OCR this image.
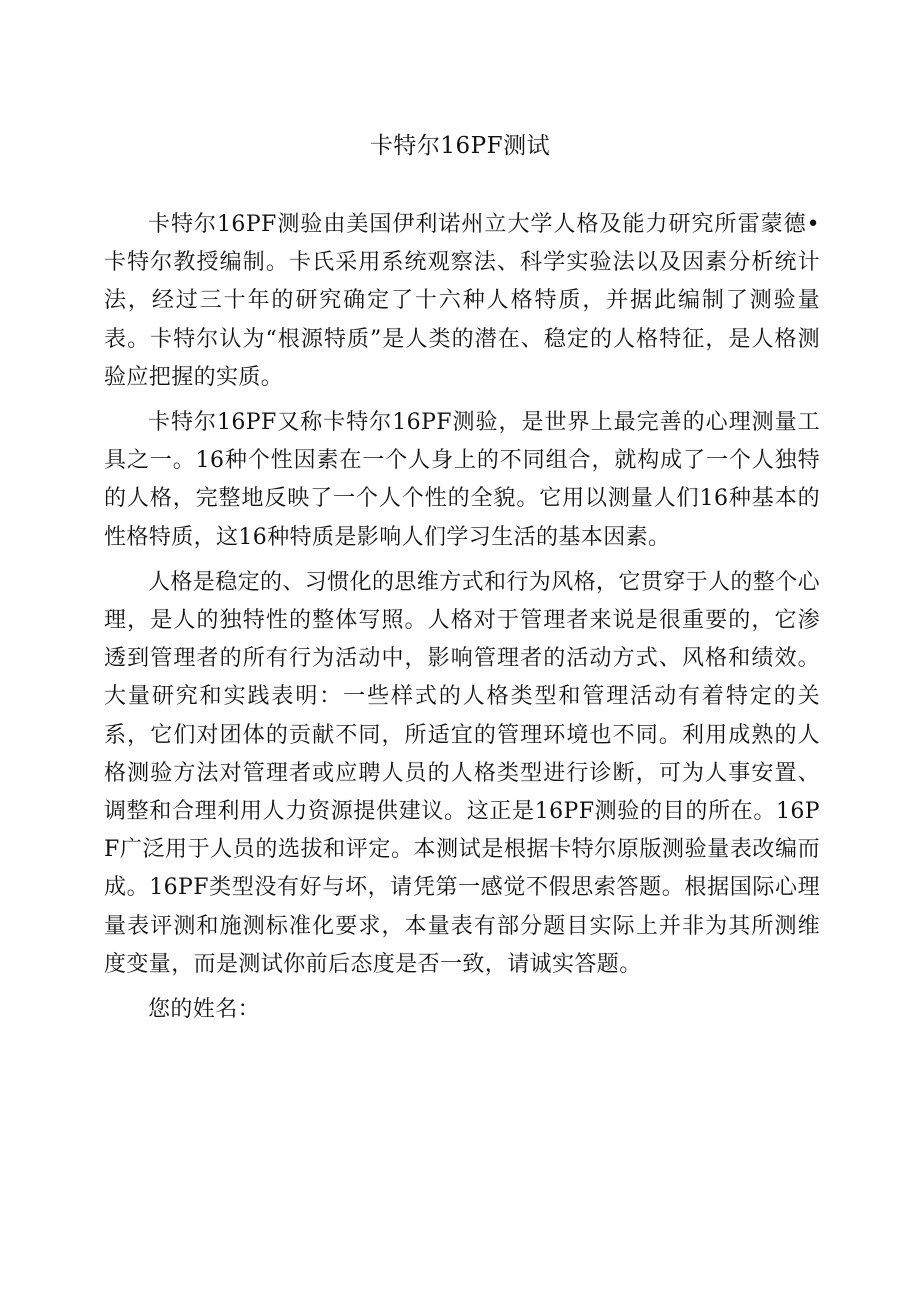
卡特尔16PF测试

卡特尔16PF测验由美国伊利诺州立大学人格及能力研究所雷蒙德•卡特尔教授编制。卡氏采用系统观察法、科学实验法以及因素分析统计法，经过三十年的研究确定了十六种人格特质，并据此编制了测验量表。卡特尔认为“根源特质”是人类的潜在、稳定的人格特征，是人格测验应把握的实质。

卡特尔16PF又称卡特尔16PF测验，是世界上最完善的心理测量工具之一。16种个性因素在一个人身上的不同组合，就构成了一个人独特的人格，完整地反映了一个人个性的全貌。它用以测量人们16种基本的性格特质，这16种特质是影响人们学习生活的基本因素。

人格是稳定的、习惯化的思维方式和行为风格，它贯穿于人的整个心理，是人的独特性的整体写照。人格对于管理者来说是很重要的，它渗透到管理者的所有行为活动中，影响管理者的活动方式、风格和绩效。大量研究和实践表明：一些样式的人格类型和管理活动有着特定的关系，它们对团体的贡献不同，所适宜的管理环境也不同。利用成熟的人格测验方法对管理者或应聘人员的人格类型进行诊断，可为人事安置、调整和合理利用人力资源提供建议。这正是16PF测验的目的所在。16PF广泛用于人员的选拔和评定。本测试是根据卡特尔原版测验量表改编而成。16PF类型没有好与坏，请凭第一感觉不假思索答题。根据国际心理量表评测和施测标准化要求，本量表有部分题目实际上并非为其所测维度变量，而是测试你前后态度是否一致，请诚实答题。

您的姓名：
